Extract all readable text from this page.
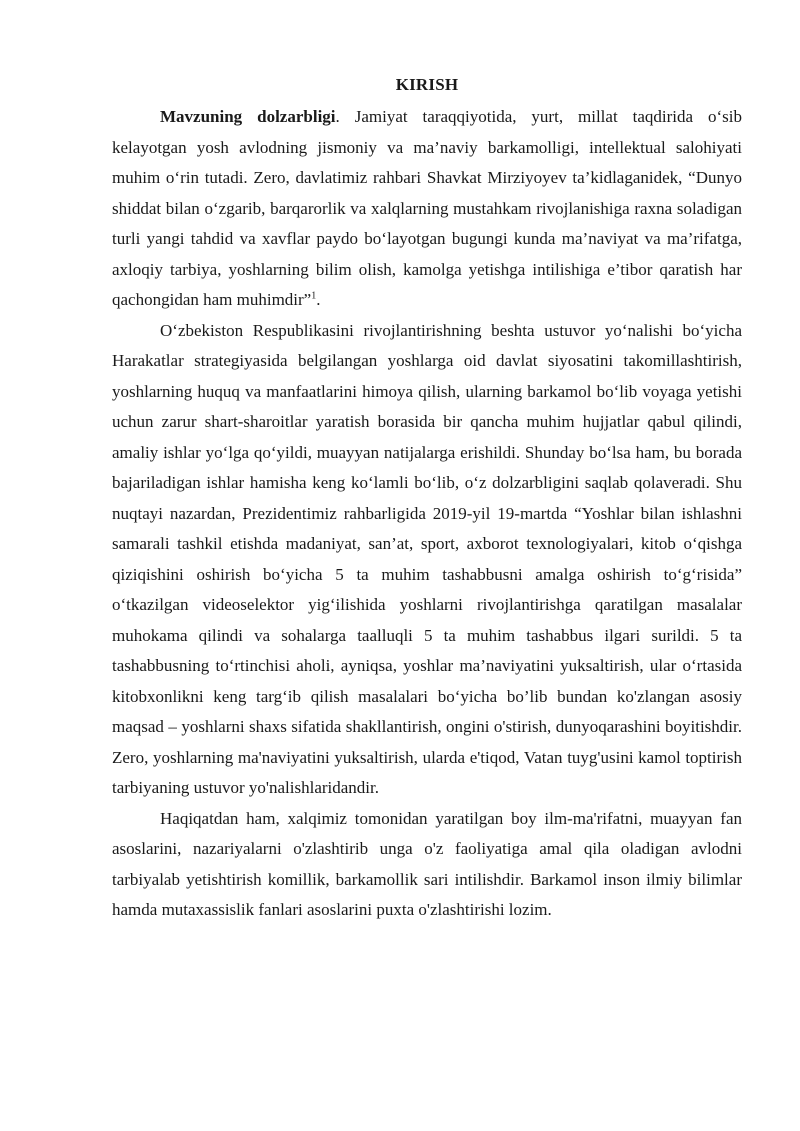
KIRISH

Mavzuning dolzarbligi. Jamiyat taraqqiyotida, yurt, millat taqdirida o‘sib kelayotgan yosh avlodning jismoniy va ma’naviy barkamolligi, intellektual salohiyati muhim o‘rin tutadi. Zero, davlatimiz rahbari Shavkat Mirziyoyev ta’kidlaganidek, “Dunyo shiddat bilan o‘zgarib, barqarorlik va xalqlarning mustahkam rivojlanishiga raxna soladigan turli yangi tahdid va xavflar paydo bo‘layotgan bugungi kunda ma’naviyat va ma’rifatga, axloqiy tarbiya, yoshlarning bilim olish, kamolga yetishga intilishiga e’tibor qaratish har qachongidan ham muhimdir”$^1$.

O‘zbekiston Respublikasini rivojlantirishning beshta ustuvor yo‘nalishi bo‘yicha Harakatlar strategiyasida belgilangan yoshlarga oid davlat siyosatini takomillashtirish, yoshlarning huquq va manfaatlarini himoya qilish, ularning barkamol bo‘lib voyaga yetishi uchun zarur shart-sharoitlar yaratish borasida bir qancha muhim hujjatlar qabul qilindi, amaliy ishlar yo‘lga qo‘yildi, muayyan natijalarga erishildi. Shunday bo‘lsa ham, bu borada bajariladigan ishlar hamisha keng ko‘lamli bo‘lib, o‘z dolzarbligini saqlab qolaveradi. Shu nuqtayi nazardan, Prezidentimiz rahbarligida 2019-yil 19-martda “Yoshlar bilan ishlashni samarali tashkil etishda madaniyat, san’at, sport, axborot texnologiyalari, kitob o‘qishga qiziqishini oshirish bo‘yicha 5 ta muhim tashabbusni amalga oshirish to‘g‘risida” o‘tkazilgan videoselektor yig‘ilishida yoshlarni rivojlantirishga qaratilgan masalalar muhokama qilindi va sohalarga taalluqli 5 ta muhim tashabbus ilgari surildi. 5 ta tashabbusning to‘rtinchisi aholi, ayniqsa, yoshlar ma’naviyatini yuksaltirish, ular o‘rtasida kitobxonlikni keng targ‘ib qilish masalalari bo‘yicha bo’lib bundan ko'zlangan asosiy maqsad – yoshlarni shaxs sifatida shakllantirish, ongini o'stirish, dunyoqarashini boyitishdir. Zero, yoshlarning ma'naviyatini yuksaltirish, ularda e'tiqod, Vatan tuyg'usini kamol toptirish tarbiyaning ustuvor yo'nalishlaridandir.

Haqiqatdan ham, xalqimiz tomonidan yaratilgan boy ilm-ma'rifatni, muayyan fan asoslarini, nazariyalarni o'zlashtirib unga o'z faoliyatiga amal qila oladigan avlodni tarbiyalab yetishtirish komillik, barkamollik sari intilishdir. Barkamol inson ilmiy bilimlar hamda mutaxassislik fanlari asoslarini puxta o'zlashtirishi lozim.
